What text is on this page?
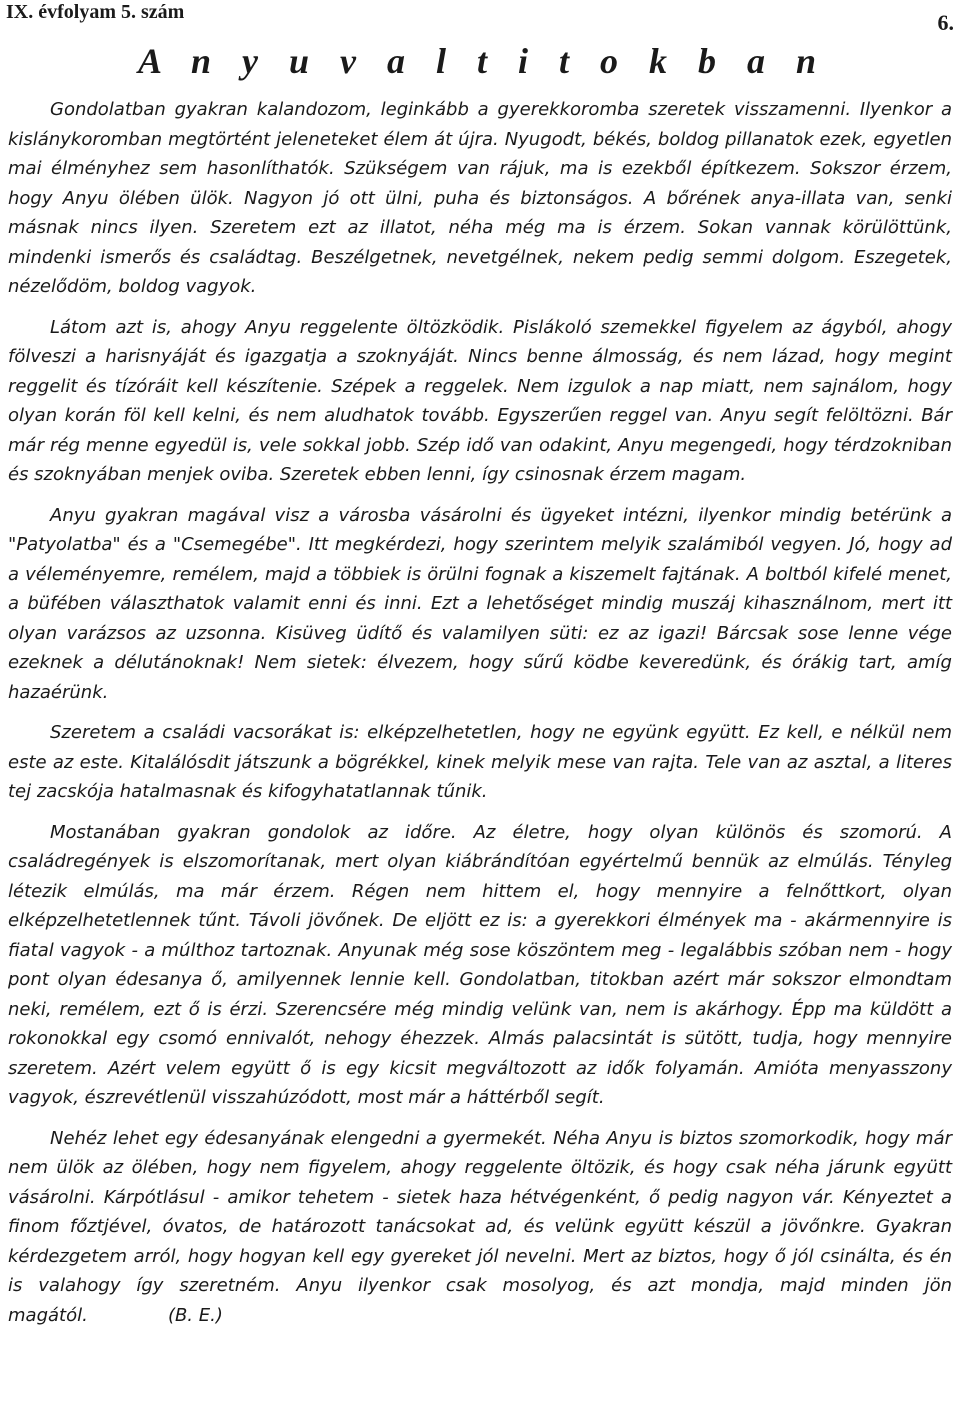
IX. évfolyam 5. szám	6.
A n y u v a l t i t o k b a n

Gondolatban gyakran kalandozom, leginkább a gyerekkoromba szeretek visszamenni. Ilyenkor a kislánykoromban megtörtént jeleneteket élem át újra. Nyugodt, békés, boldog pillanatok ezek, egyetlen mai élményhez sem hasonlíthatók. Szükségem van rájuk, ma is ezekből építkezem. Sokszor érzem, hogy Anyu ölében ülök. Nagyon jó ott ülni, puha és biztonságos. A bőrének anya-illata van, senki másnak nincs ilyen. Szeretem ezt az illatot, néha még ma is érzem. Sokan vannak körülöttünk, mindenki ismerős és családtag. Beszélgetnek, nevetgélnek, nekem pedig semmi dolgom. Eszegetek, nézelődöm, boldog vagyok.

Látom azt is, ahogy Anyu reggelente öltözködik. Pislákoló szemekkel figyelem az ágyból, ahogy fölveszi a harisnyáját és igazgatja a szoknyáját. Nincs benne álmosság, és nem lázad, hogy megint reggelit és tízóráit kell készítenie. Szépek a reggelek. Nem izgulok a nap miatt, nem sajnálom, hogy olyan korán föl kell kelni, és nem aludhatok tovább. Egyszerűen reggel van. Anyu segít felöltözni. Bár már rég menne egyedül is, vele sokkal jobb. Szép idő van odakint, Anyu megengedi, hogy térdzokniban és szoknyában menjek oviba. Szeretek ebben lenni, így csinosnak érzem magam.

Anyu gyakran magával visz a városba vásárolni és ügyeket intézni, ilyenkor mindig betérünk a "Patyolatba" és a "Csemegébe". Itt megkérdezi, hogy szerintem melyik szalámiból vegyen. Jó, hogy ad a véleményemre, remélem, majd a többiek is örülni fognak a kiszemelt fajtának. A boltból kifelé menet, a büfében választhatok valamit enni és inni. Ezt a lehetőséget mindig muszáj kihasználnom, mert itt olyan varázsos az uzsonna. Kisüveg üdítő és valamilyen süti: ez az igazi! Bárcsak sose lenne vége ezeknek a délutánoknak! Nem sietek: élvezem, hogy sűrű ködbe keveredünk, és órákig tart, amíg hazaérünk.

Szeretem a családi vacsorákat is: elképzelhetetlen, hogy ne együnk együtt. Ez kell, e nélkül nem este az este. Kitalálósdit játszunk a bögrékkel, kinek melyik mese van rajta. Tele van az asztal, a literes tej zacskója hatalmasnak és kifogyhatatlannak tűnik.

Mostanában gyakran gondolok az időre. Az életre, hogy olyan különös és szomorú. A családregények is elszomorítanak, mert olyan kiábrándítóan egyértelmű bennük az elmúlás. Tényleg létezik elmúlás, ma már érzem. Régen nem hittem el, hogy mennyire a felnőttkort, olyan elképzelhetetlennek tűnt. Távoli jövőnek. De eljött ez is: a gyerekkori élmények ma - akármennyire is fiatal vagyok - a múlthoz tartoznak. Anyunak még sose köszöntem meg - legalábbis szóban nem - hogy pont olyan édesanya ő, amilyennek lennie kell. Gondolatban, titokban azért már sokszor elmondtam neki, remélem, ezt ő is érzi. Szerencsére még mindig velünk van, nem is akárhogy. Épp ma küldött a rokonokkal egy csomó ennivalót, nehogy éhezzek. Almás palacsintát is sütött, tudja, hogy mennyire szeretem. Azért velem együtt ő is egy kicsit megváltozott az idők folyamán. Amióta menyasszony vagyok, észrevétlenül visszahúzódott, most már a háttérből segít.

Nehéz lehet egy édesanyának elengedni a gyermekét. Néha Anyu is biztos szomorkodik, hogy már nem ülök az ölében, hogy nem figyelem, ahogy reggelente öltözik, és hogy csak néha járunk együtt vásárolni. Kárpótlásul - amikor tehetem - sietek haza hétvégenként, ő pedig nagyon vár. Kényeztet a finom főztjével, óvatos, de határozott tanácsokat ad, és velünk együtt készül a jövőnkre. Gyakran kérdezgetem arról, hogy hogyan kell egy gyereket jól nevelni. Mert az biztos, hogy ő jól csinálta, és én is valahogy így szeretném. Anyu ilyenkor csak mosolyog, és azt mondja, majd minden jön magától.	(B. E.)
